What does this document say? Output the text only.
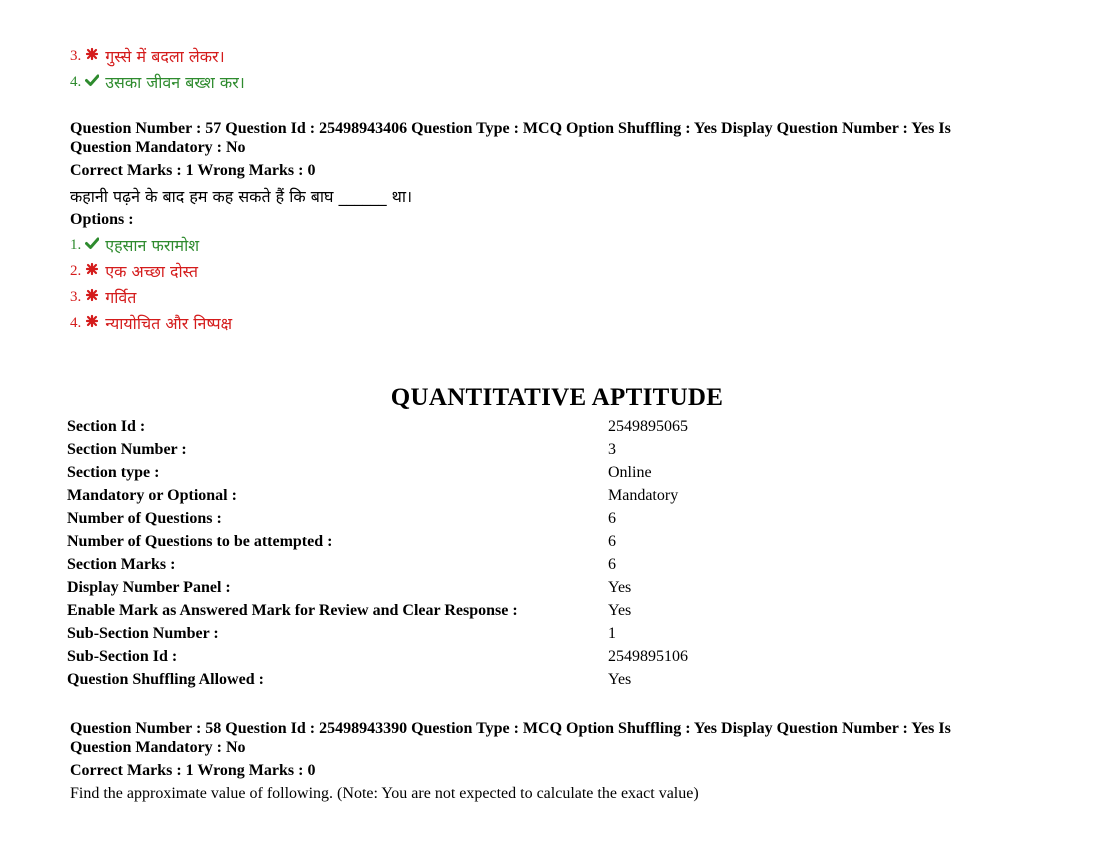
3. गुस्से में बदला लेकर।
4. उसका जीवन बख्श कर।
Question Number : 57 Question Id : 25498943406 Question Type : MCQ Option Shuffling : Yes Display Question Number : Yes Is
Question Mandatory : No
Correct Marks : 1 Wrong Marks : 0
कहानी पढ़ने के बाद हम कह सकते हैं कि बाघ ______ था।
Options :
1. एहसान फरामोश
2. एक अच्छा दोस्त
3. गर्वित
4. न्यायोचित और निष्पक्ष
QUANTITATIVE APTITUDE
Section Id :	2549895065
Section Number :	3
Section type :	Online
Mandatory or Optional :	Mandatory
Number of Questions :	6
Number of Questions to be attempted :	6
Section Marks :	6
Display Number Panel :	Yes
Enable Mark as Answered Mark for Review and Clear Response :	Yes
Sub-Section Number :	1
Sub-Section Id :	2549895106
Question Shuffling Allowed :	Yes
Question Number : 58 Question Id : 25498943390 Question Type : MCQ Option Shuffling : Yes Display Question Number : Yes Is
Question Mandatory : No
Correct Marks : 1 Wrong Marks : 0
Find the approximate value of following. (Note: You are not expected to calculate the exact value)
